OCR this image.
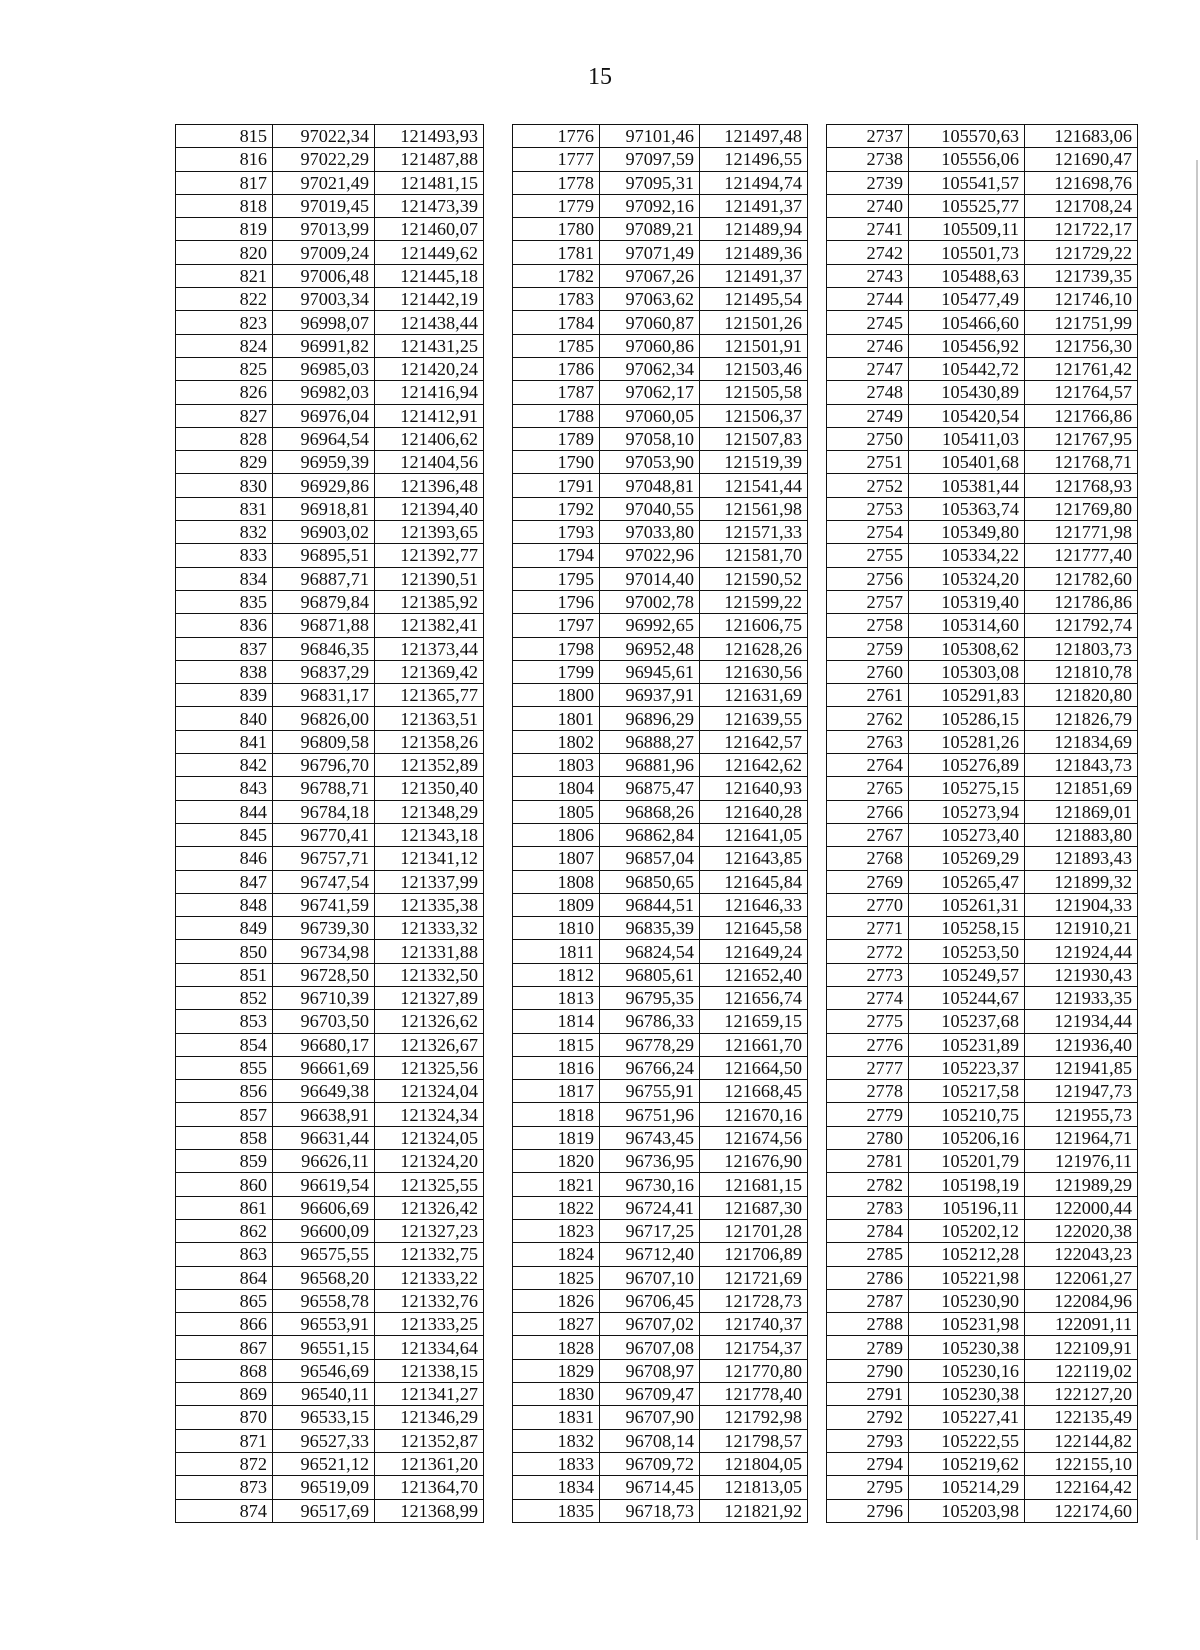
15
815	97022,34	121493,93
816	97022,29	121487,88
817	97021,49	121481,15
818	97019,45	121473,39
819	97013,99	121460,07
820	97009,24	121449,62
821	97006,48	121445,18
822	97003,34	121442,19
823	96998,07	121438,44
824	96991,82	121431,25
825	96985,03	121420,24
826	96982,03	121416,94
827	96976,04	121412,91
828	96964,54	121406,62
829	96959,39	121404,56
830	96929,86	121396,48
831	96918,81	121394,40
832	96903,02	121393,65
833	96895,51	121392,77
834	96887,71	121390,51
835	96879,84	121385,92
836	96871,88	121382,41
837	96846,35	121373,44
838	96837,29	121369,42
839	96831,17	121365,77
840	96826,00	121363,51
841	96809,58	121358,26
842	96796,70	121352,89
843	96788,71	121350,40
844	96784,18	121348,29
845	96770,41	121343,18
846	96757,71	121341,12
847	96747,54	121337,99
848	96741,59	121335,38
849	96739,30	121333,32
850	96734,98	121331,88
851	96728,50	121332,50
852	96710,39	121327,89
853	96703,50	121326,62
854	96680,17	121326,67
855	96661,69	121325,56
856	96649,38	121324,04
857	96638,91	121324,34
858	96631,44	121324,05
859	96626,11	121324,20
860	96619,54	121325,55
861	96606,69	121326,42
862	96600,09	121327,23
863	96575,55	121332,75
864	96568,20	121333,22
865	96558,78	121332,76
866	96553,91	121333,25
867	96551,15	121334,64
868	96546,69	121338,15
869	96540,11	121341,27
870	96533,15	121346,29
871	96527,33	121352,87
872	96521,12	121361,20
873	96519,09	121364,70
874	96517,69	121368,99
1776	97101,46	121497,48
1777	97097,59	121496,55
1778	97095,31	121494,74
1779	97092,16	121491,37
1780	97089,21	121489,94
1781	97071,49	121489,36
1782	97067,26	121491,37
1783	97063,62	121495,54
1784	97060,87	121501,26
1785	97060,86	121501,91
1786	97062,34	121503,46
1787	97062,17	121505,58
1788	97060,05	121506,37
1789	97058,10	121507,83
1790	97053,90	121519,39
1791	97048,81	121541,44
1792	97040,55	121561,98
1793	97033,80	121571,33
1794	97022,96	121581,70
1795	97014,40	121590,52
1796	97002,78	121599,22
1797	96992,65	121606,75
1798	96952,48	121628,26
1799	96945,61	121630,56
1800	96937,91	121631,69
1801	96896,29	121639,55
1802	96888,27	121642,57
1803	96881,96	121642,62
1804	96875,47	121640,93
1805	96868,26	121640,28
1806	96862,84	121641,05
1807	96857,04	121643,85
1808	96850,65	121645,84
1809	96844,51	121646,33
1810	96835,39	121645,58
1811	96824,54	121649,24
1812	96805,61	121652,40
1813	96795,35	121656,74
1814	96786,33	121659,15
1815	96778,29	121661,70
1816	96766,24	121664,50
1817	96755,91	121668,45
1818	96751,96	121670,16
1819	96743,45	121674,56
1820	96736,95	121676,90
1821	96730,16	121681,15
1822	96724,41	121687,30
1823	96717,25	121701,28
1824	96712,40	121706,89
1825	96707,10	121721,69
1826	96706,45	121728,73
1827	96707,02	121740,37
1828	96707,08	121754,37
1829	96708,97	121770,80
1830	96709,47	121778,40
1831	96707,90	121792,98
1832	96708,14	121798,57
1833	96709,72	121804,05
1834	96714,45	121813,05
1835	96718,73	121821,92
2737	105570,63	121683,06
2738	105556,06	121690,47
2739	105541,57	121698,76
2740	105525,77	121708,24
2741	105509,11	121722,17
2742	105501,73	121729,22
2743	105488,63	121739,35
2744	105477,49	121746,10
2745	105466,60	121751,99
2746	105456,92	121756,30
2747	105442,72	121761,42
2748	105430,89	121764,57
2749	105420,54	121766,86
2750	105411,03	121767,95
2751	105401,68	121768,71
2752	105381,44	121768,93
2753	105363,74	121769,80
2754	105349,80	121771,98
2755	105334,22	121777,40
2756	105324,20	121782,60
2757	105319,40	121786,86
2758	105314,60	121792,74
2759	105308,62	121803,73
2760	105303,08	121810,78
2761	105291,83	121820,80
2762	105286,15	121826,79
2763	105281,26	121834,69
2764	105276,89	121843,73
2765	105275,15	121851,69
2766	105273,94	121869,01
2767	105273,40	121883,80
2768	105269,29	121893,43
2769	105265,47	121899,32
2770	105261,31	121904,33
2771	105258,15	121910,21
2772	105253,50	121924,44
2773	105249,57	121930,43
2774	105244,67	121933,35
2775	105237,68	121934,44
2776	105231,89	121936,40
2777	105223,37	121941,85
2778	105217,58	121947,73
2779	105210,75	121955,73
2780	105206,16	121964,71
2781	105201,79	121976,11
2782	105198,19	121989,29
2783	105196,11	122000,44
2784	105202,12	122020,38
2785	105212,28	122043,23
2786	105221,98	122061,27
2787	105230,90	122084,96
2788	105231,98	122091,11
2789	105230,38	122109,91
2790	105230,16	122119,02
2791	105230,38	122127,20
2792	105227,41	122135,49
2793	105222,55	122144,82
2794	105219,62	122155,10
2795	105214,29	122164,42
2796	105203,98	122174,60
